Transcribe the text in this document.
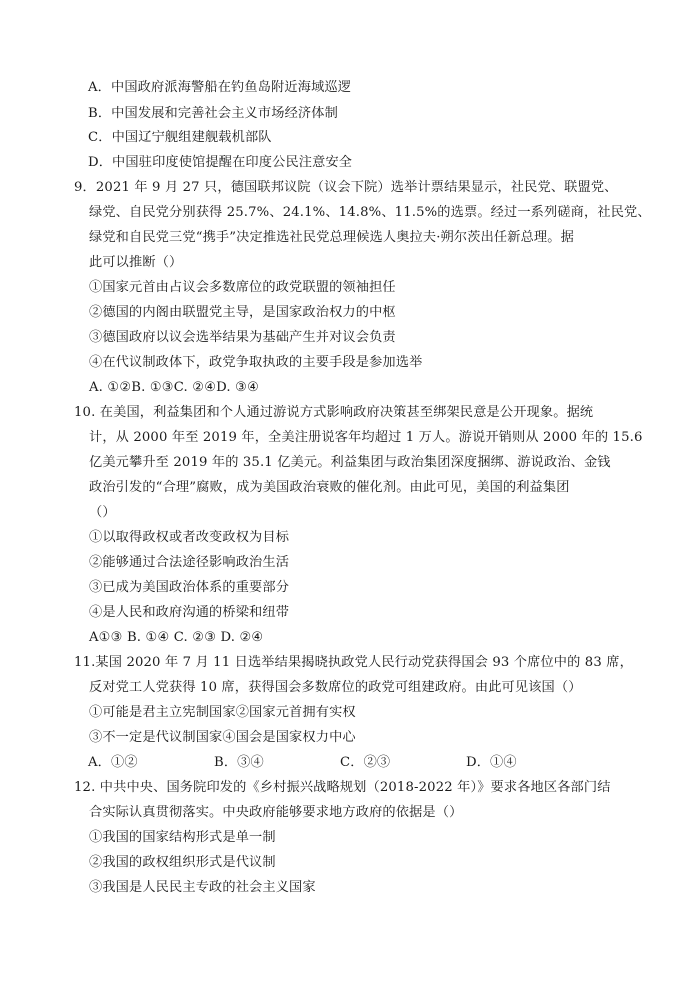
A．中国政府派海警船在钓鱼岛附近海域巡逻
B．中国发展和完善社会主义市场经济体制
C．中国辽宁舰组建舰载机部队
D．中国驻印度使馆提醒在印度公民注意安全
9．2021 年 9 月 27 只，德国联邦议院（议会下院）选举计票结果显示，社民党、联盟党、
绿党、自民党分别获得 25.7%、24.1%、14.8%、11.5%的选票。经过一系列磋商，社民党、
绿党和自民党三党“携手”决定推选社民党总理候选人奥拉夫·朔尔茨出任新总理。据
此可以推断（）
①国家元首由占议会多数席位的政党联盟的领袖担任
②德国的内阁由联盟党主导，是国家政治权力的中枢
③德国政府以议会选举结果为基础产生并对议会负责
④在代议制政体下，政党争取执政的主要手段是参加选举
A. ①②B. ①③C. ②④D. ③④
10. 在美国，利益集团和个人通过游说方式影响政府决策甚至绑架民意是公开现象。据统
计，从 2000 年至 2019 年，全美注册说客年均超过 1 万人。游说开销则从 2000 年的 15.6
亿美元攀升至 2019 年的 35.1 亿美元。利益集团与政治集团深度捆绑、游说政治、金钱
政治引发的“合理”腐败，成为美国政治衰败的催化剂。由此可见，美国的利益集团
（）
①以取得政权或者改变政权为目标
②能够通过合法途径影响政治生活
③已成为美国政治体系的重要部分
④是人民和政府沟通的桥梁和纽带
A①③ B. ①④ C. ②③ D. ②④
11.某国 2020 年 7 月 11 日选举结果揭晓执政党人民行动党获得国会 93 个席位中的 83 席，
反对党工人党获得 10 席，获得国会多数席位的政党可组建政府。由此可见该国（）
①可能是君主立宪制国家②国家元首拥有实权
③不一定是代议制国家④国会是国家权力中心
A．①②	B．③④	C．②③	D．①④
12. 中共中央、国务院印发的《乡村振兴战略规划（2018-2022 年）》要求各地区各部门结
合实际认真贯彻落实。中央政府能够要求地方政府的依据是（）
①我国的国家结构形式是单一制
②我国的政权组织形式是代议制
③我国是人民民主专政的社会主义国家
